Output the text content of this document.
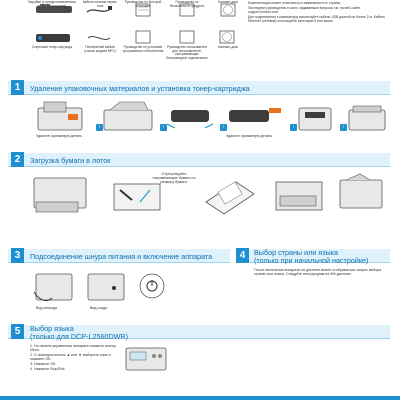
Барабан (с предустановленным тонер-картриджем)
Кабель питания перем. тока
Руководство по быстрой установке
Руководство по безопасности продукта
Компакт-диск
Стартовый тонер-картридж	Телефонный кабель (только модели MFC)
Руководство по установке программного обеспечения
Руководство пользователя для пользователей, настраивающих беспроводное подключение
Компакт-диск

Комплектация может отличаться в зависимости от страны.

Последние руководства и часто задаваемые вопросы см. на веб-сайте support.brother.com.

Для подключения к компьютеру используйте кабель USB длиной не более 2 м. Кабель Ethernet (сетевой) используйте категории 5 или выше.

1	Удаление упаковочных материалов и установка тонер-картриджа
Удалите оранжевую деталь	Удалите оранжевую деталь
›	›	›	›	›
2	Загрузка бумаги в лоток
Отрегулируйте направляющие бумаги по размеру бумаги.
3	Подсоединение шнура питания и включение аппарата
Вид спереди	Вид сзади
4	Выбор страны или языка
(только при начальной настройке)
После включения аппарата на дисплее может отображаться запрос выбора страны или языка. Следуйте инструкциям на ЖК-дисплее.
5	Выбор языка
(только для DCP-L2560DWR)
1. На панели управления аппарата нажмите кнопку Menu.
2. С помощью кнопок ▲ или ▼ выберите язык и нажмите OK.
3. Нажмите OK.
4. Нажмите Stop/Exit.
